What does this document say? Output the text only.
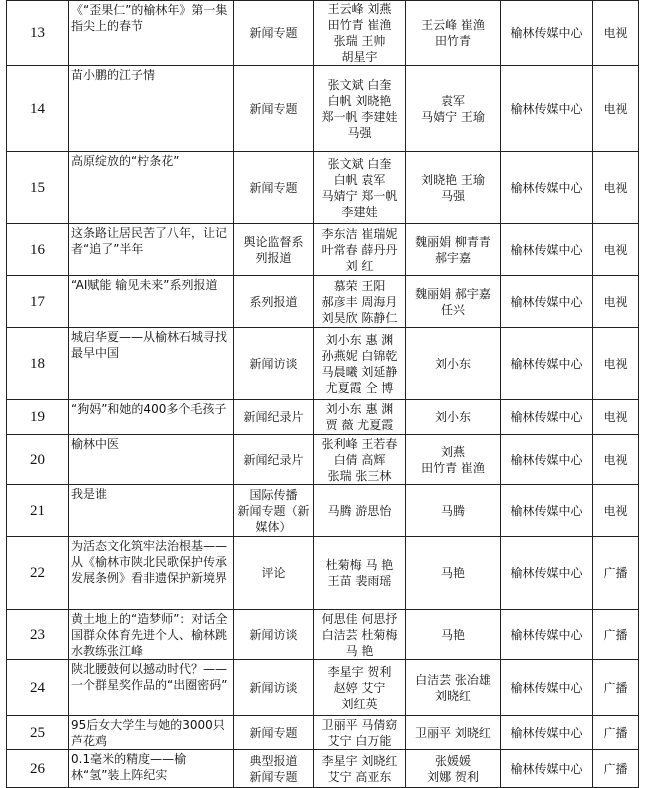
13	《“歪果仁”的榆林年》第一集 指尖上的春节	新闻专题	王云峰 刘燕
田竹青 崔渔
张瑞 王帅
胡星宇	王云峰 崔渔
田竹青	榆林传媒中心	电视
14	苗小鹏的江子情	新闻专题	张文斌 白奎
白帆 刘晓艳
郑一帆 李建娃
马强	袁军
马婧宁 王瑜	榆林传媒中心	电视
15	高原绽放的“柠条花”	新闻专题	张文斌 白奎
白帆 袁军
马婧宁 郑一帆
李建娃	刘晓艳 王瑜
马强	榆林传媒中心	电视
16	这条路让居民苦了八年，让记者“追了”半年	舆论监督系
列报道	李东洁 崔瑞妮
叶常春 薛丹丹
刘 红	魏丽娟 柳青青
郝宇嘉	榆林传媒中心	电视
17	“AI赋能 输见未来”系列报道	系列报道	慕荣 王阳
郝彦丰 周海月
刘昊欣 陈静仁	魏丽娟 郝宇嘉
任兴	榆林传媒中心	电视
18	城启华夏——从榆林石城寻找最早中国	新闻访谈	刘小东 惠 渊
孙燕妮 白锦乾
马晨曦 刘延静
尤夏霞 仝 博	刘小东	榆林传媒中心	电视
19	“狗妈”和她的400多个毛孩子	新闻纪录片	刘小东 惠 渊
贾 薇 尤夏霞	刘小东	榆林传媒中心	电视
20	榆林中医	新闻纪录片	张利峰 王若春
白倩 高辉
张瑞 张三林	刘燕
田竹青 崔渔	榆林传媒中心	电视
21	我是谁	国际传播
新闻专题（新
媒体）	马腾 游思怡	马腾	榆林传媒中心	电视
22	为活态文化筑牢法治根基——从《榆林市陕北民歌保护传承发展条例》看非遗保护新境界	评论	杜菊梅 马 艳
王苗 裴雨瑶	马艳	榆林传媒中心	广播
23	黄土地上的“造梦师”：对话全国群众体育先进个人、榆林跳水教练张江峰	新闻访谈	何思佳 何思抒
白洁芸 杜菊梅
马 艳	马艳	榆林传媒中心	广播
24	陕北腰鼓何以撼动时代？——一个群星奖作品的“出圈密码”	新闻访谈	李星宇 贺利
赵婷 艾宁
刘红英	白洁芸 张冶雄
刘晓红	榆林传媒中心	广播
25	95后女大学生与她的3000只芦花鸡	新闻专题	卫丽平 马倩窈
艾宁 白万能	卫丽平 刘晓红	榆林传媒中心	广播
26	0.1毫米的精度——榆林“氢”装上阵纪实	典型报道
新闻专题	李星宇 刘晓红
艾宁 高亚东	张媛媛
刘娜 贺利	榆林传媒中心	广播
